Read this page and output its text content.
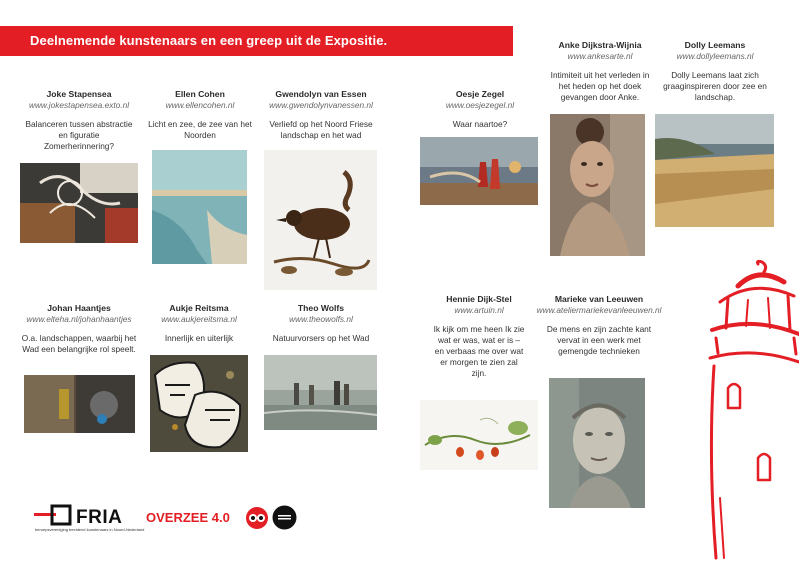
Deelnemende kunstenaars en een greep uit de Expositie.
Joke Stapensea
www.jokestapensea.exto.nl
Balanceren tussen abstractie en figuratie Zomerherinnering?
Ellen Cohen
www.ellencohen.nl
Licht en zee, de zee van het Noorden
Gwendolyn van Essen
www.gwendolynvanessen.nl
Verliefd op het Noord Friese landschap en het wad
Oesje Zegel
www.oesjezegel.nl
Waar naartoe?
Anke Dijkstra-Wijnia
www.ankesarte.nl
Intimiteit uit het verleden in het heden op het doek gevangen door Anke.
Dolly Leemans
www.dollyleemans.nl
Dolly Leemans laat zich graaginspireren door zee en landschap.
Johan Haantjes
www.elteha.nl/johanhaantjes
O.a. landschappen, waarbij het Wad een belangrijke rol speelt.
Aukje Reitsma
www.aukjereitsma.nl
Innerlijk en uiterlijk
Theo Wolfs
www.theowolfs.nl
Natuurvorsers op het Wad
Hennie Dijk-Stel
www.artuin.nl
Ik kijk om me heen Ik zie wat er was, wat er is – en verbaas me over wat er morgen te zien zal zijn.
Marieke van Leeuwen
www.ateliermariekevanleeuwen.nl
De mens en zijn zachte kant vervat in een werk met gemengde technieken
FRIA
beroepsvereniging beeldend kunstenaars in Noord-Nederland
OVERZEE 4.0
